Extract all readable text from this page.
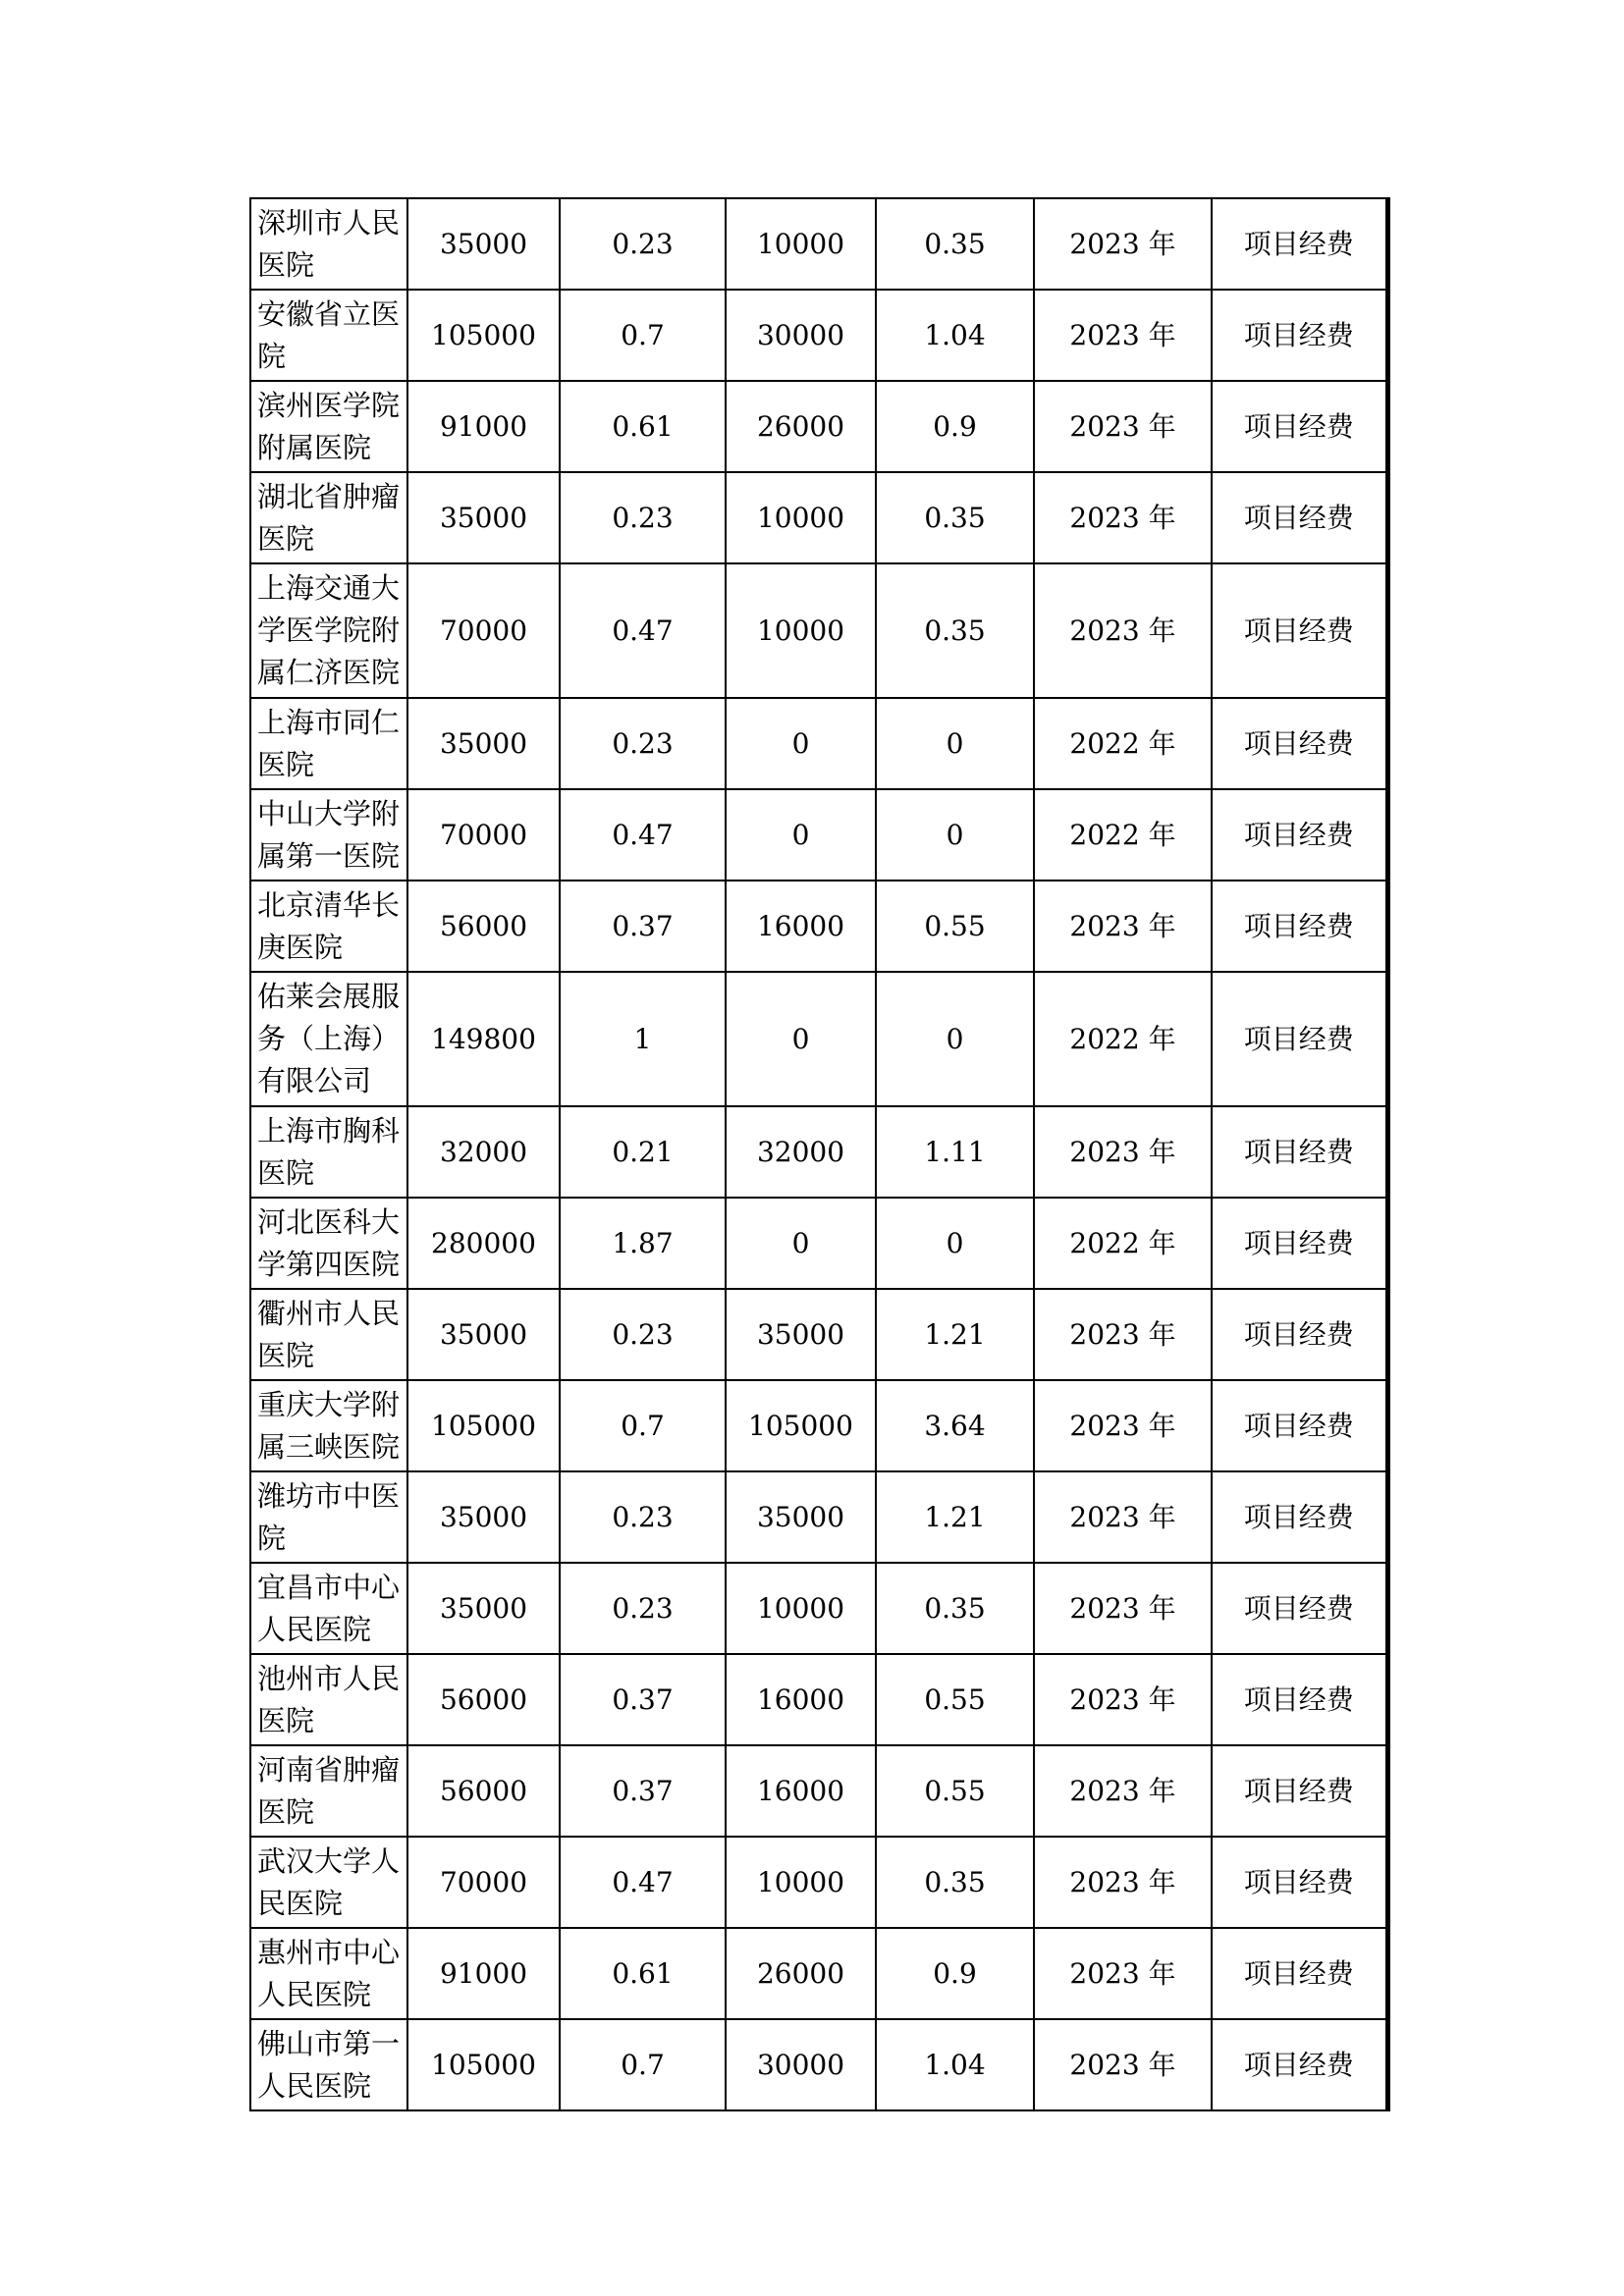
深圳市人民医院	35000	0.23	10000	0.35	2023 年	项目经费
安徽省立医院	105000	0.7	30000	1.04	2023 年	项目经费
滨州医学院附属医院	91000	0.61	26000	0.9	2023 年	项目经费
湖北省肿瘤医院	35000	0.23	10000	0.35	2023 年	项目经费
上海交通大学医学院附属仁济医院	70000	0.47	10000	0.35	2023 年	项目经费
上海市同仁医院	35000	0.23	0	0	2022 年	项目经费
中山大学附属第一医院	70000	0.47	0	0	2022 年	项目经费
北京清华长庚医院	56000	0.37	16000	0.55	2023 年	项目经费
佑莱会展服务（上海）有限公司	149800	1	0	0	2022 年	项目经费
上海市胸科医院	32000	0.21	32000	1.11	2023 年	项目经费
河北医科大学第四医院	280000	1.87	0	0	2022 年	项目经费
衢州市人民医院	35000	0.23	35000	1.21	2023 年	项目经费
重庆大学附属三峡医院	105000	0.7	105000	3.64	2023 年	项目经费
潍坊市中医院	35000	0.23	35000	1.21	2023 年	项目经费
宜昌市中心人民医院	35000	0.23	10000	0.35	2023 年	项目经费
池州市人民医院	56000	0.37	16000	0.55	2023 年	项目经费
河南省肿瘤医院	56000	0.37	16000	0.55	2023 年	项目经费
武汉大学人民医院	70000	0.47	10000	0.35	2023 年	项目经费
惠州市中心人民医院	91000	0.61	26000	0.9	2023 年	项目经费
佛山市第一人民医院	105000	0.7	30000	1.04	2023 年	项目经费
